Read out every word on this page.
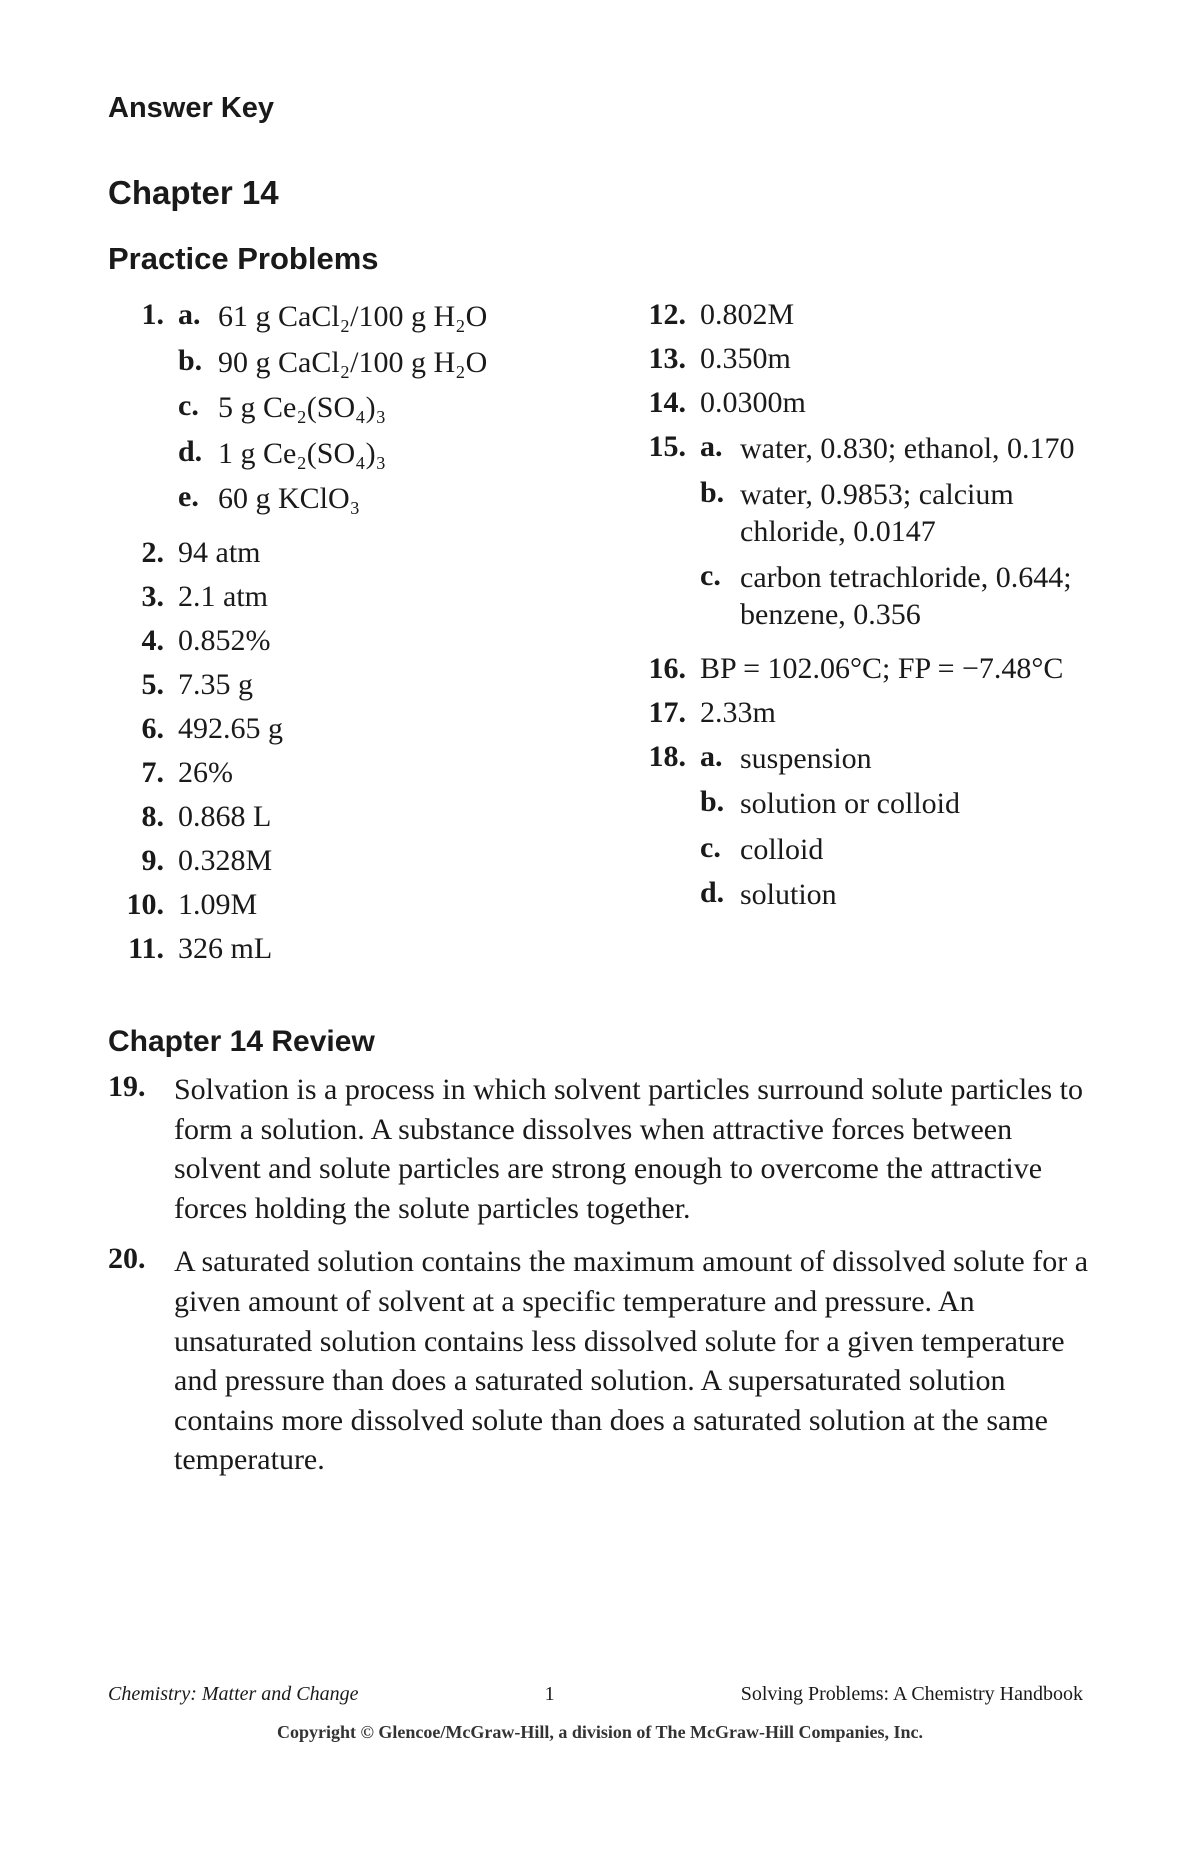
Answer Key
Chapter 14
Practice Problems
1. a. 61 g CaCl₂/100 g H₂O
b. 90 g CaCl₂/100 g H₂O
c. 5 g Ce₂(SO₄)₃
d. 1 g Ce₂(SO₄)₃
e. 60 g KClO₃
2. 94 atm
3. 2.1 atm
4. 0.852%
5. 7.35 g
6. 492.65 g
7. 26%
8. 0.868 L
9. 0.328M
10. 1.09M
11. 326 mL
12. 0.802M
13. 0.350m
14. 0.0300m
15. a. water, 0.830; ethanol, 0.170
b. water, 0.9853; calcium chloride, 0.0147
c. carbon tetrachloride, 0.644; benzene, 0.356
16. BP = 102.06°C; FP = −7.48°C
17. 2.33m
18. a. suspension
b. solution or colloid
c. colloid
d. solution
Chapter 14 Review
19. Solvation is a process in which solvent particles surround solute particles to form a solution. A substance dissolves when attractive forces between solvent and solute particles are strong enough to overcome the attractive forces holding the solute particles together.
20. A saturated solution contains the maximum amount of dissolved solute for a given amount of solvent at a specific temperature and pressure. An unsaturated solution contains less dissolved solute for a given temperature and pressure than does a saturated solution. A supersaturated solution contains more dissolved solute than does a saturated solution at the same temperature.
Chemistry: Matter and Change	1	Solving Problems: A Chemistry Handbook
Copyright © Glencoe/McGraw-Hill, a division of The McGraw-Hill Companies, Inc.
